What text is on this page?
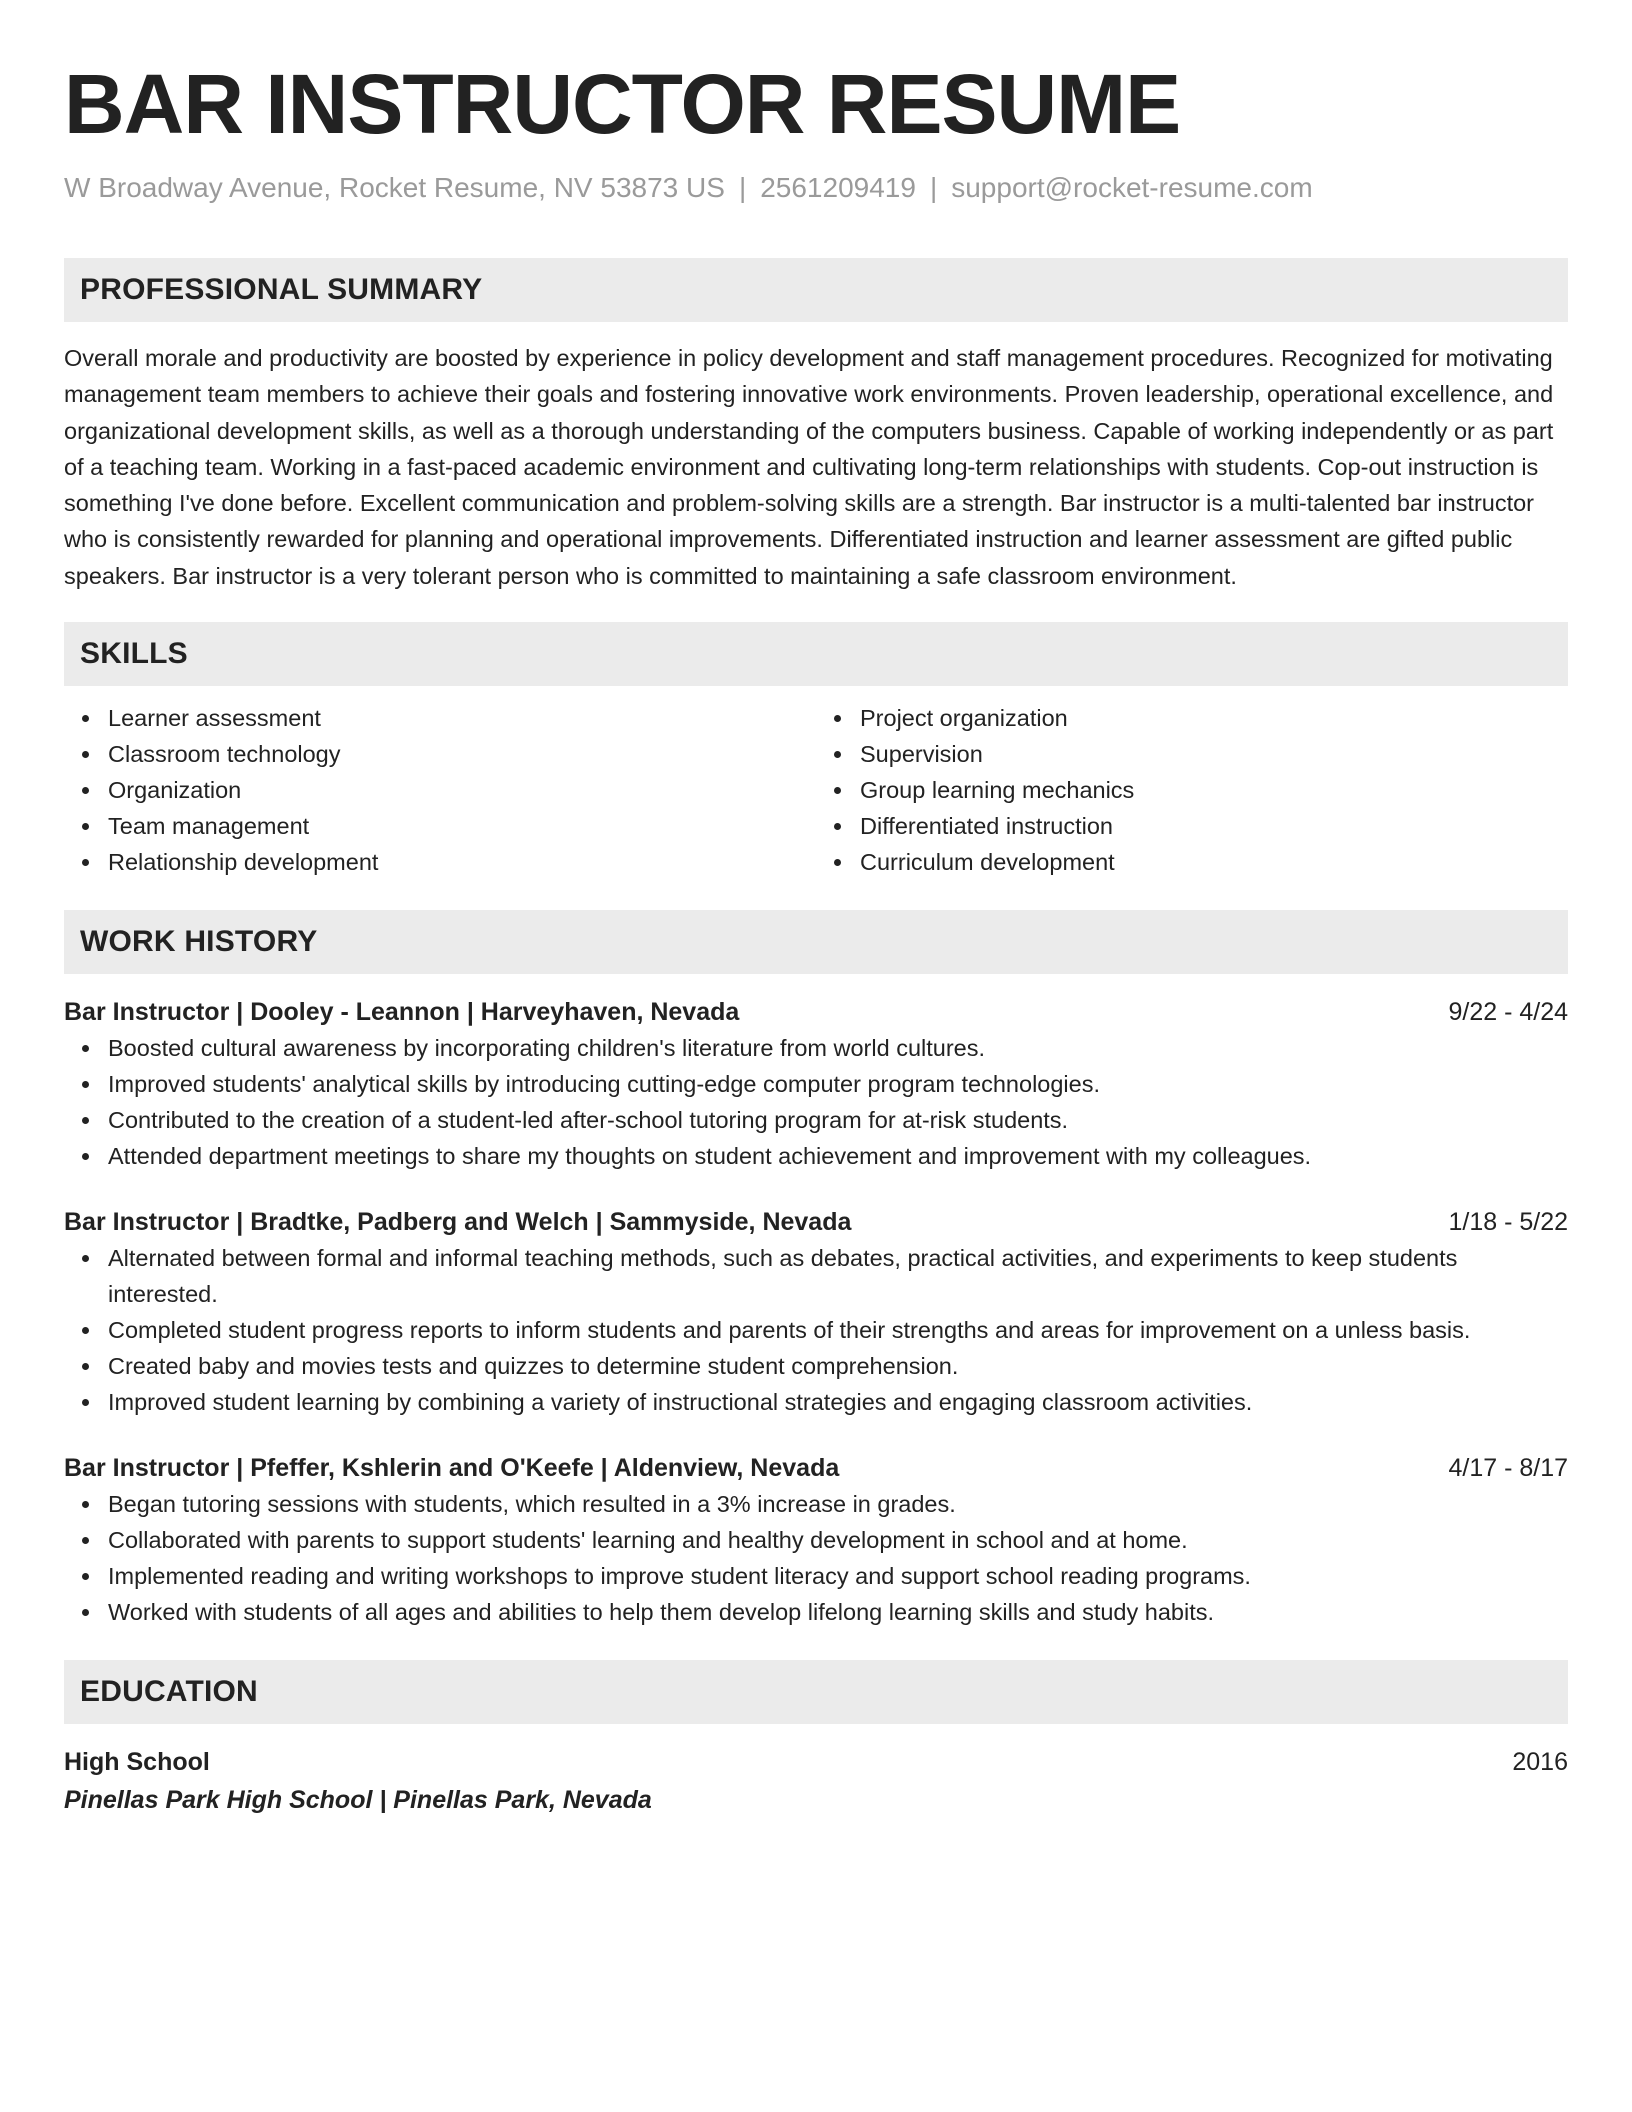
BAR INSTRUCTOR RESUME
W Broadway Avenue, Rocket Resume, NV 53873 US | 2561209419 | support@rocket-resume.com
PROFESSIONAL SUMMARY

Overall morale and productivity are boosted by experience in policy development and staff management procedures. Recognized for motivating management team members to achieve their goals and fostering innovative work environments. Proven leadership, operational excellence, and organizational development skills, as well as a thorough understanding of the computers business. Capable of working independently or as part of a teaching team. Working in a fast-paced academic environment and cultivating long-term relationships with students. Cop-out instruction is something I've done before. Excellent communication and problem-solving skills are a strength. Bar instructor is a multi-talented bar instructor who is consistently rewarded for planning and operational improvements. Differentiated instruction and learner assessment are gifted public speakers. Bar instructor is a very tolerant person who is committed to maintaining a safe classroom environment.

SKILLS
Learner assessment
Classroom technology
Organization
Team management
Relationship development
Project organization
Supervision
Group learning mechanics
Differentiated instruction
Curriculum development
WORK HISTORY
Bar Instructor | Dooley - Leannon | Harveyhaven, Nevada	9/22 - 4/24
Boosted cultural awareness by incorporating children's literature from world cultures.
Improved students' analytical skills by introducing cutting-edge computer program technologies.
Contributed to the creation of a student-led after-school tutoring program for at-risk students.
Attended department meetings to share my thoughts on student achievement and improvement with my colleagues.
Bar Instructor | Bradtke, Padberg and Welch | Sammyside, Nevada	1/18 - 5/22
Alternated between formal and informal teaching methods, such as debates, practical activities, and experiments to keep students interested.
Completed student progress reports to inform students and parents of their strengths and areas for improvement on a unless basis.
Created baby and movies tests and quizzes to determine student comprehension.
Improved student learning by combining a variety of instructional strategies and engaging classroom activities.
Bar Instructor | Pfeffer, Kshlerin and O'Keefe | Aldenview, Nevada	4/17 - 8/17
Began tutoring sessions with students, which resulted in a 3% increase in grades.
Collaborated with parents to support students' learning and healthy development in school and at home.
Implemented reading and writing workshops to improve student literacy and support school reading programs.
Worked with students of all ages and abilities to help them develop lifelong learning skills and study habits.
EDUCATION
High School	2016
Pinellas Park High School | Pinellas Park, Nevada
